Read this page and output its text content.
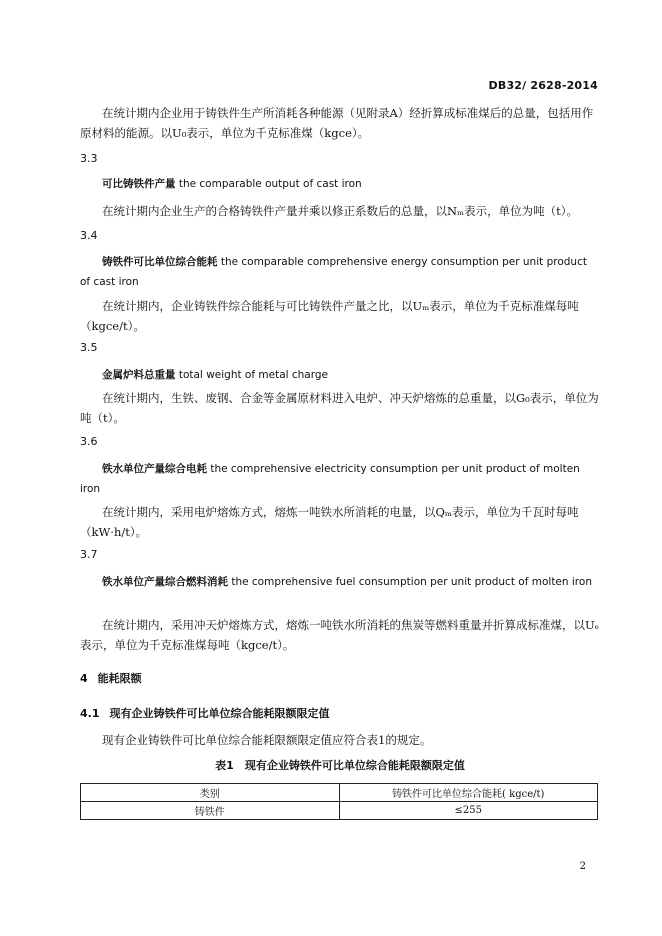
DB32/ 2628-2014
在统计期内企业用于铸铁件生产所消耗各种能源（见附录A）经折算成标准煤后的总量，包括用作原材料的能源。以U₀表示，单位为千克标准煤（kgce）。
3.3
可比铸铁件产量 the comparable output of cast iron
在统计期内企业生产的合格铸铁件产量并乘以修正系数后的总量，以Nₘ表示，单位为吨（t）。
3.4
铸铁件可比单位综合能耗 the comparable comprehensive energy consumption per unit product of cast iron
在统计期内，企业铸铁件综合能耗与可比铸铁件产量之比，以Uₘ表示，单位为千克标准煤每吨（kgce/t）。
3.5
金属炉料总重量 total weight of metal charge
在统计期内，生铁、废钢、合金等金属原材料进入电炉、冲天炉熔炼的总重量，以G₀表示，单位为吨（t）。
3.6
铁水单位产量综合电耗 the comprehensive electricity consumption per unit product of molten iron
在统计期内，采用电炉熔炼方式，熔炼一吨铁水所消耗的电量，以Qₘ表示，单位为千瓦时每吨（kW·h/t）。
3.7
铁水单位产量综合燃料消耗 the comprehensive fuel consumption per unit product of molten iron
在统计期内，采用冲天炉熔炼方式，熔炼一吨铁水所消耗的焦炭等燃料重量并折算成标准煤，以Uₑ表示，单位为千克标准煤每吨（kgce/t）。
4 能耗限额
4.1 现有企业铸铁件可比单位综合能耗限额限定值
现有企业铸铁件可比单位综合能耗限额限定值应符合表1的规定。
表1　现有企业铸铁件可比单位综合能耗限额限定值
类别	铸铁件可比单位综合能耗( kgce/t)
铸铁件	≤255
2
